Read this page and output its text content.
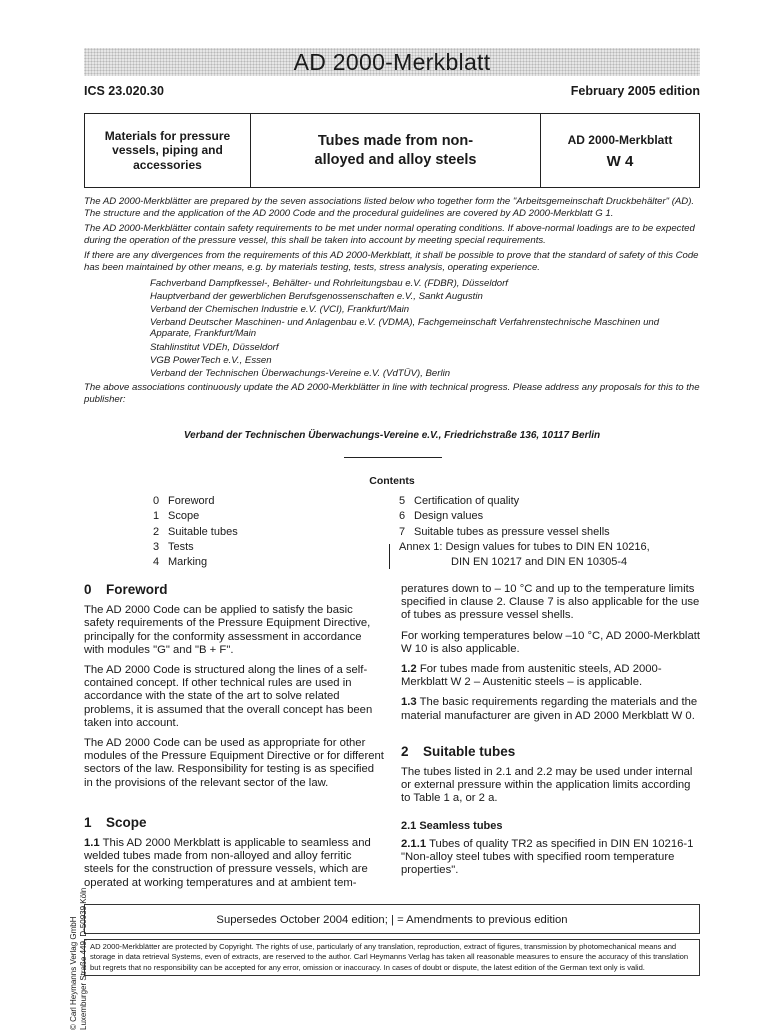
AD 2000-Merkblatt
ICS 23.020.30	February 2005 edition
Materials for pressure
vessels, piping and
accessories
Tubes made from non-
alloyed and alloy steels
AD 2000-Merkblatt
W 4

The AD 2000-Merkblätter are prepared by the seven associations listed below who together form the "Arbeitsgemeinschaft Druckbehälter" (AD). The structure and the application of the AD 2000 Code and the procedural guidelines are covered by AD 2000-Merkblatt G 1.

The AD 2000-Merkblätter contain safety requirements to be met under normal operating conditions. If above-normal loadings are to be expected during the operation of the pressure vessel, this shall be taken into account by meeting special requirements.

If there are any divergences from the requirements of this AD 2000-Merkblatt, it shall be possible to prove that the standard of safety of this Code has been maintained by other means, e.g. by materials testing, tests, stress analysis, operating experience.

Fachverband Dampfkessel-, Behälter- und Rohrleitungsbau e.V. (FDBR), Düsseldorf
Hauptverband der gewerblichen Berufsgenossenschaften e.V., Sankt Augustin
Verband der Chemischen Industrie e.V. (VCI), Frankfurt/Main
Verband Deutscher Maschinen- und Anlagenbau e.V. (VDMA), Fachgemeinschaft Verfahrenstechnische Maschinen und Apparate, Frankfurt/Main
Stahlinstitut VDEh, Düsseldorf
VGB PowerTech e.V., Essen
Verband der Technischen Überwachungs-Vereine e.V. (VdTÜV), Berlin

The above associations continuously update the AD 2000-Merkblätter in line with technical progress. Please address any proposals for this to the publisher:

Verband der Technischen Überwachungs-Vereine e.V., Friedrichstraße 136, 10117 Berlin
Contents
0 Foreword
1 Scope
2 Suitable tubes
3 Tests
4 Marking
5 Certification of quality
6 Design values
7 Suitable tubes as pressure vessel shells
Annex 1: Design values for tubes to DIN EN 10216,
DIN EN 10217 and DIN EN 10305-4
0 Foreword

The AD 2000 Code can be applied to satisfy the basic safety requirements of the Pressure Equipment Directive, principally for the conformity assessment in accordance with modules "G" and "B + F".

The AD 2000 Code is structured along the lines of a self-contained concept. If other technical rules are used in accordance with the state of the art to solve related problems, it is assumed that the overall concept has been taken into account.

The AD 2000 Code can be used as appropriate for other modules of the Pressure Equipment Directive or for different sectors of the law. Responsibility for testing is as specified in the provisions of the relevant sector of the law.

1 Scope

1.1 This AD 2000 Merkblatt is applicable to seamless and welded tubes made from non-alloyed and alloy ferritic steels for the construction of pressure vessels, which are operated at working temperatures and at ambient tem-

peratures down to – 10 °C and up to the temperature limits specified in clause 2. Clause 7 is also applicable for the use of tubes as pressure vessel shells.

For working temperatures below –10 °C, AD 2000-Merkblatt W 10 is also applicable.

1.2 For tubes made from austenitic steels, AD 2000-Merkblatt W 2 – Austenitic steels – is applicable.

1.3 The basic requirements regarding the materials and the material manufacturer are given in AD 2000 Merkblatt W 0.

2 Suitable tubes

The tubes listed in 2.1 and 2.2 may be used under internal or external pressure within the application limits according to Table 1 a, or 2 a.

2.1 Seamless tubes

2.1.1 Tubes of quality TR2 as specified in DIN EN 10216-1 "Non-alloy steel tubes with specified room temperature properties".

Supersedes October 2004 edition; | = Amendments to previous edition
AD 2000-Merkblätter are protected by Copyright. The rights of use, particularly of any translation, reproduction, extract of figures, transmission by photomechanical means and storage in data retrieval Systems, even of extracts, are reserved to the author. Carl Heymanns Verlag has taken all reasonable measures to ensure the accuracy of this translation but regrets that no responsibility can be accepted for any error, omission or inaccuracy. In cases of doubt or dispute, the latest edition of the German text only is valid.
© Carl Heymanns Verlag GmbH Luxemburger Straße 449, D-50939 Köln
